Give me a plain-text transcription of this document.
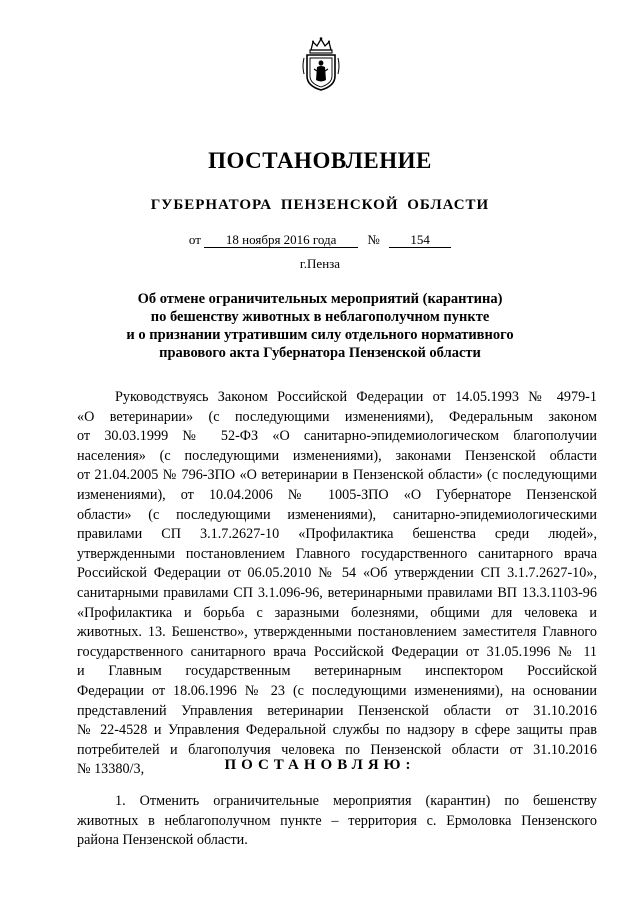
ПОСТАНОВЛЕНИЕ
ГУБЕРНАТОРА ПЕНЗЕНСКОЙ ОБЛАСТИ
от 18 ноября 2016 года № 154
г.Пенза
Об отмене ограничительных мероприятий (карантина)
по бешенству животных в неблагополучном пункте
и о признании утратившим силу отдельного нормативного
правового акта Губернатора Пензенской области
Руководствуясь Законом Российской Федерации от 14.05.1993 № 4979-1
«О ветеринарии» (с последующими изменениями), Федеральным законом
от 30.03.1999 № 52-ФЗ «О санитарно-эпидемиологическом благополучии
населения» (с последующими изменениями), законами Пензенской области
от 21.04.2005 № 796-ЗПО «О ветеринарии в Пензенской области» (с последующими
изменениями), от 10.04.2006 № 1005-ЗПО «О Губернаторе Пензенской
области» (с последующими изменениями), санитарно-эпидемиологическими
правилами СП 3.1.7.2627-10 «Профилактика бешенства среди людей»,
утвержденными постановлением Главного государственного санитарного врача
Российской Федерации от 06.05.2010 № 54 «Об утверждении СП 3.1.7.2627-10»,
санитарными правилами СП 3.1.096-96, ветеринарными правилами ВП 13.3.1103-96
«Профилактика и борьба с заразными болезнями, общими для человека и
животных. 13. Бешенство», утвержденными постановлением заместителя Главного
государственного санитарного врача Российской Федерации от 31.05.1996 № 11
и Главным государственным ветеринарным инспектором Российской
Федерации от 18.06.1996 № 23 (с последующими изменениями), на основании
представлений Управления ветеринарии Пензенской области от 31.10.2016
№ 22-4528 и Управления Федеральной службы по надзору в сфере защиты прав
потребителей и благополучия человека по Пензенской области от 31.10.2016
№ 13380/3,	ПОСТАНОВЛЯЮ:
1. Отменить ограничительные мероприятия (карантин) по бешенству
животных в неблагополучном пункте – территория с. Ермоловка Пензенского
района Пензенской области.
